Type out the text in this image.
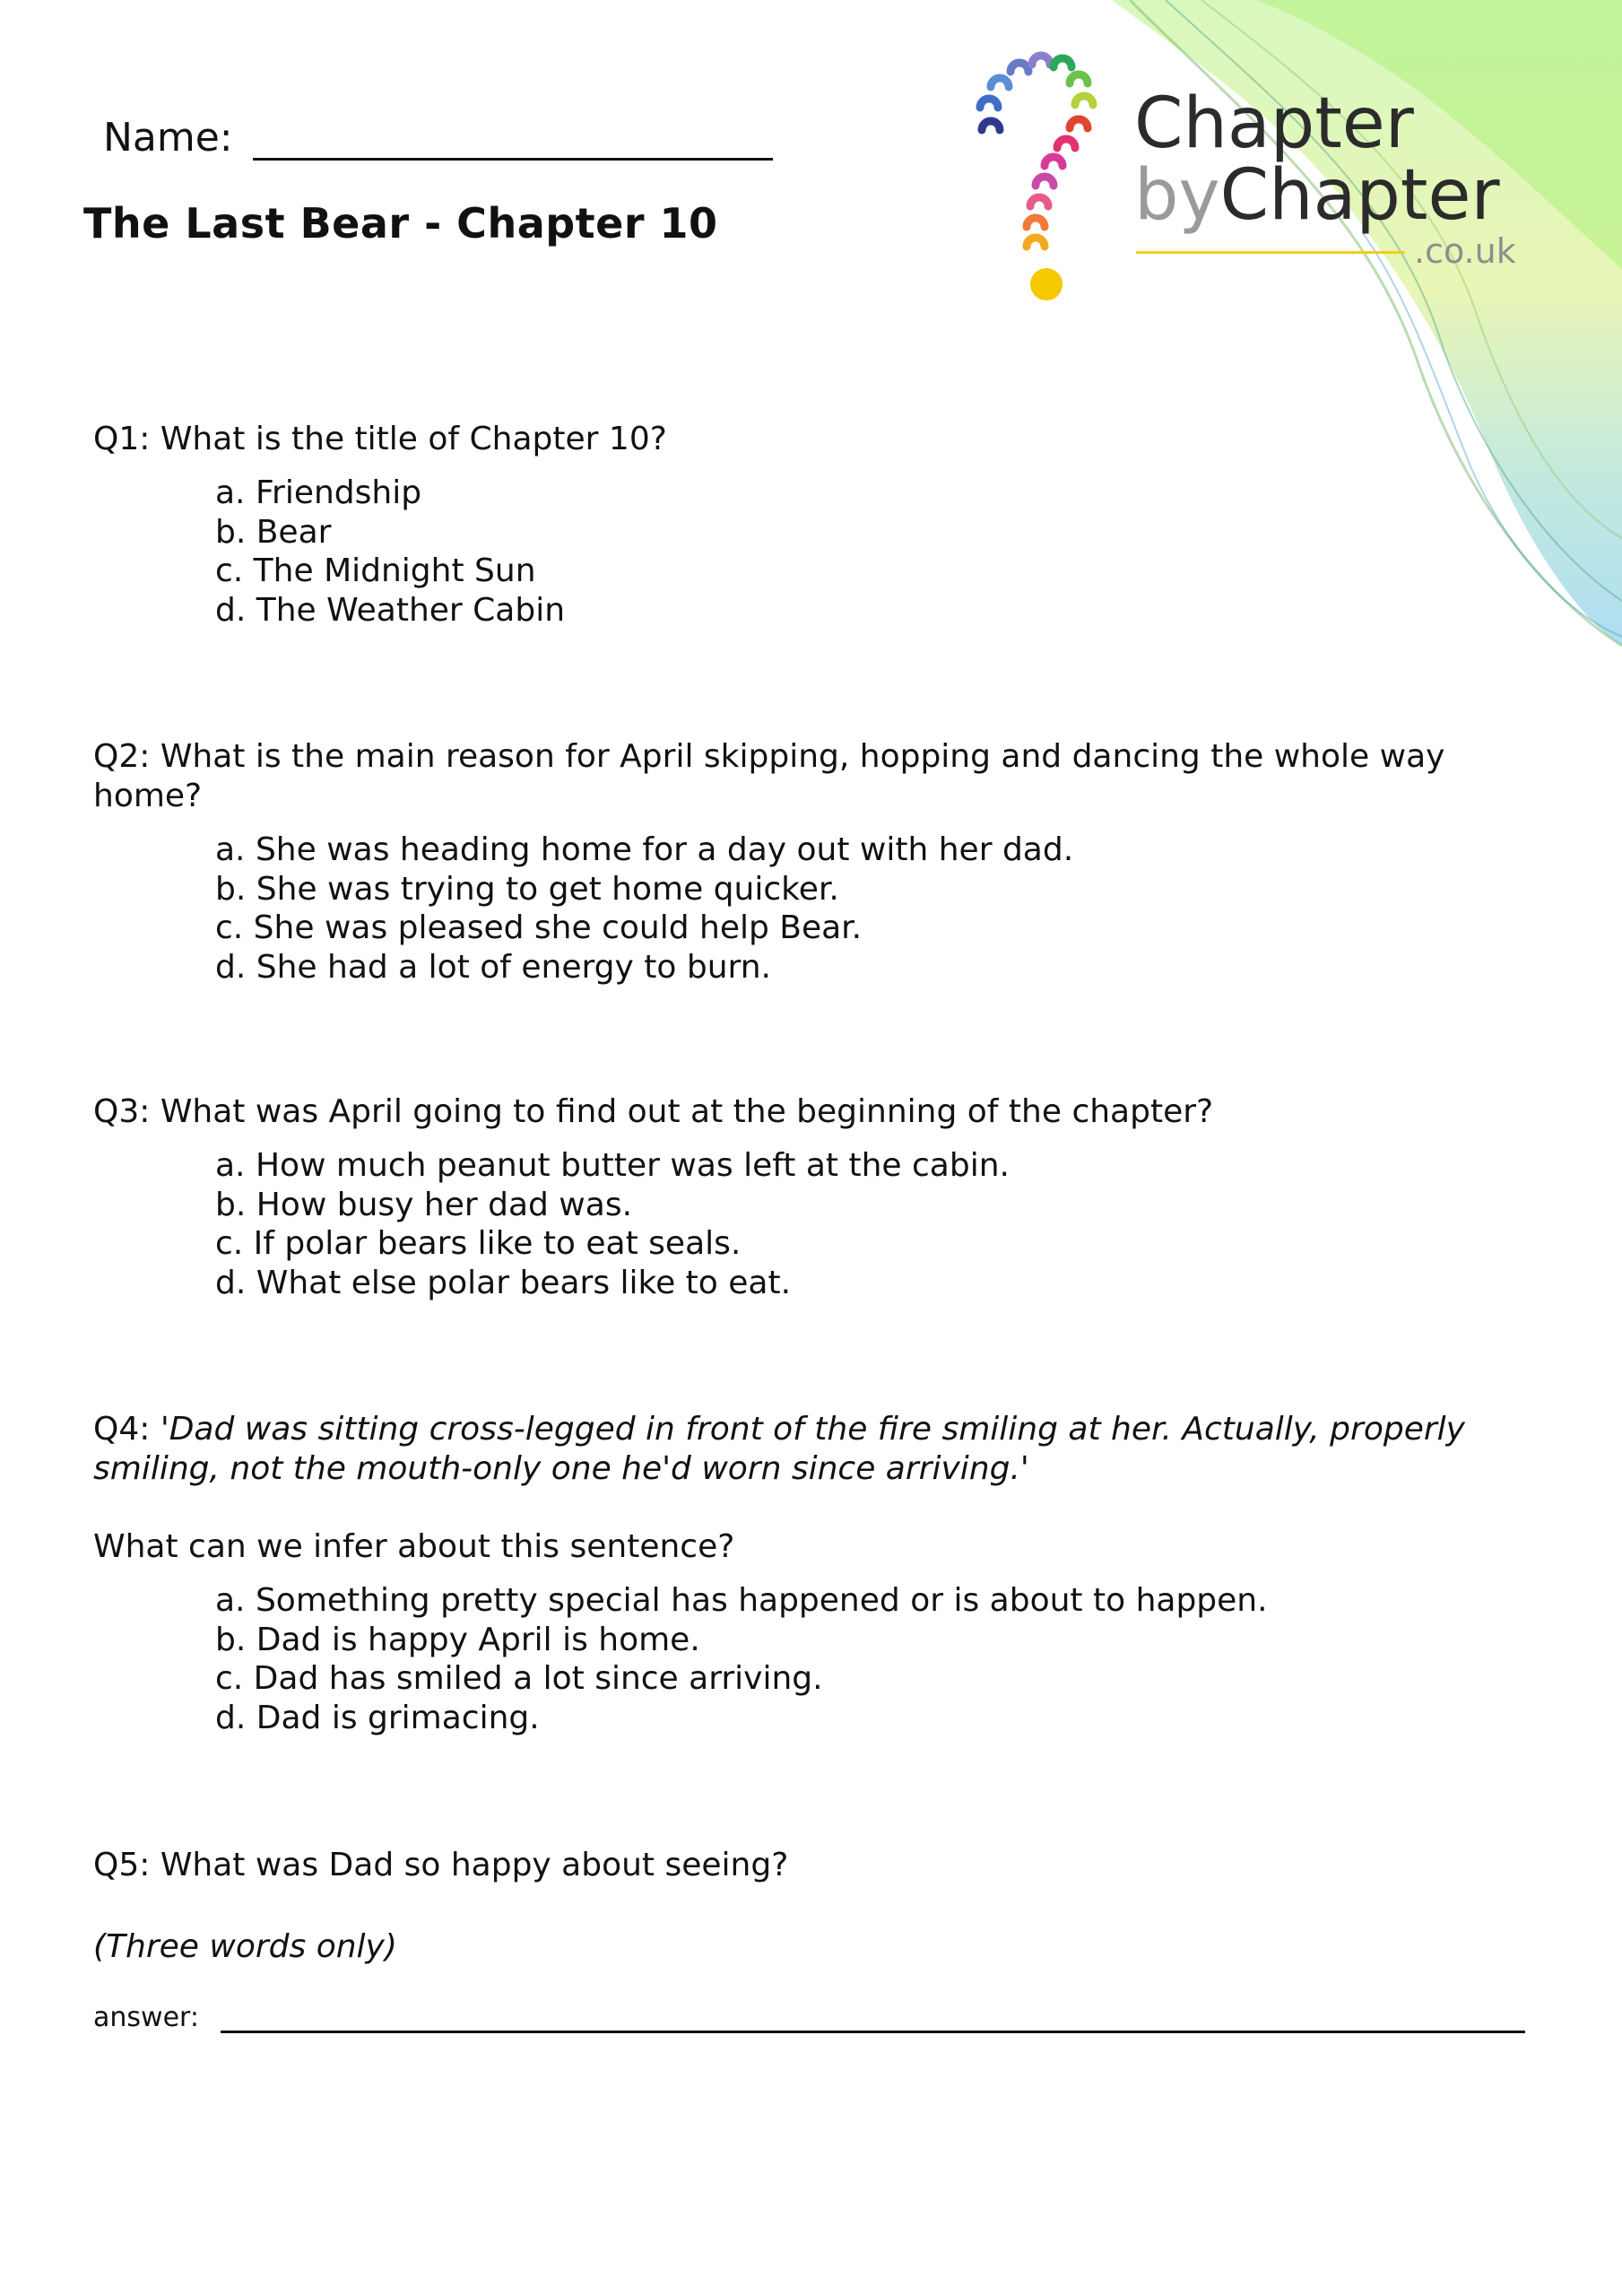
Name:
The Last Bear - Chapter 10
Chapter
byChapter
.co.uk
Q1: What is the title of Chapter 10?
a. Friendship
b. Bear
c. The Midnight Sun
d. The Weather Cabin
Q2: What is the main reason for April skipping, hopping and dancing the whole way
home?
a. She was heading home for a day out with her dad.
b. She was trying to get home quicker.
c. She was pleased she could help Bear.
d. She had a lot of energy to burn.
Q3: What was April going to find out at the beginning of the chapter?
a. How much peanut butter was left at the cabin.
b. How busy her dad was.
c. If polar bears like to eat seals.
d. What else polar bears like to eat.
Q4: 'Dad was sitting cross-legged in front of the fire smiling at her. Actually, properly
smiling, not the mouth-only one he'd worn since arriving.'
What can we infer about this sentence?
a. Something pretty special has happened or is about to happen.
b. Dad is happy April is home.
c. Dad has smiled a lot since arriving.
d. Dad is grimacing.
Q5: What was Dad so happy about seeing?
(Three words only)
answer:
